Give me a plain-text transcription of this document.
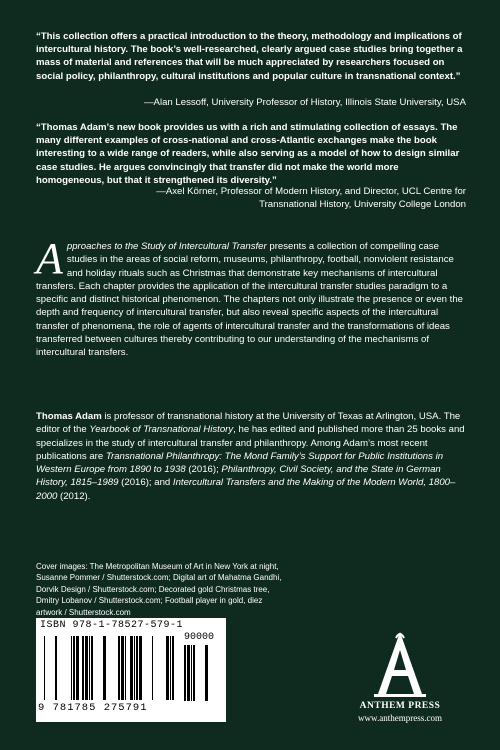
“This collection offers a practical introduction to the theory, methodology and implications of intercultural history. The book’s well-researched, clearly argued case studies bring together a mass of material and references that will be much appreciated by researchers focused on social policy, philanthropy, cultural institutions and popular culture in transnational context.”
—Alan Lessoff, University Professor of History, Illinois State University, USA
“Thomas Adam’s new book provides us with a rich and stimulating collection of essays. The many different examples of cross-national and cross-Atlantic exchanges make the book interesting to a wide range of readers, while also serving as a model of how to design similar case studies. He argues convincingly that transfer did not make the world more homogeneous, but that it strengthened its diversity.”
—Axel Körner, Professor of Modern History, and Director, UCL Centre for
Transnational History, University College London
Approaches to the Study of Intercultural Transfer presents a collection of compelling case studies in the areas of social reform, museums, philanthropy, football, nonviolent resistance and holiday rituals such as Christmas that demonstrate key mechanisms of intercultural transfers. Each chapter provides the application of the intercultural transfer studies paradigm to a specific and distinct historical phenomenon. The chapters not only illustrate the presence or even the depth and frequency of intercultural transfer, but also reveal specific aspects of the intercultural transfer of phenomena, the role of agents of intercultural transfer and the transformations of ideas transferred between cultures thereby contributing to our understanding of the mechanisms of intercultural transfers.
Thomas Adam is professor of transnational history at the University of Texas at Arlington, USA. The editor of the Yearbook of Transnational History, he has edited and published more than 25 books and specializes in the study of intercultural transfer and philanthropy. Among Adam’s most recent publications are Transnational Philanthropy: The Mond Family’s Support for Public Institutions in Western Europe from 1890 to 1938 (2016); Philanthropy, Civil Society, and the State in German History, 1815–1989 (2016); and Intercultural Transfers and the Making of the Modern World, 1800–2000 (2012).
Cover images: The Metropolitan Museum of Art in New York at night, Susanne Pommer / Shutterstock.com; Digital art of Mahatma Gandhi, Dorvik Design / Shutterstock.com; Decorated gold Christmas tree, Dmitry Lobanov / Shutterstock.com; Football player in gold, diez artwork / Shutterstock.com
ISBN 978-1-78527-579-1
90000
9 781785 275791	ANTHEM PRESS
www.anthempress.com
